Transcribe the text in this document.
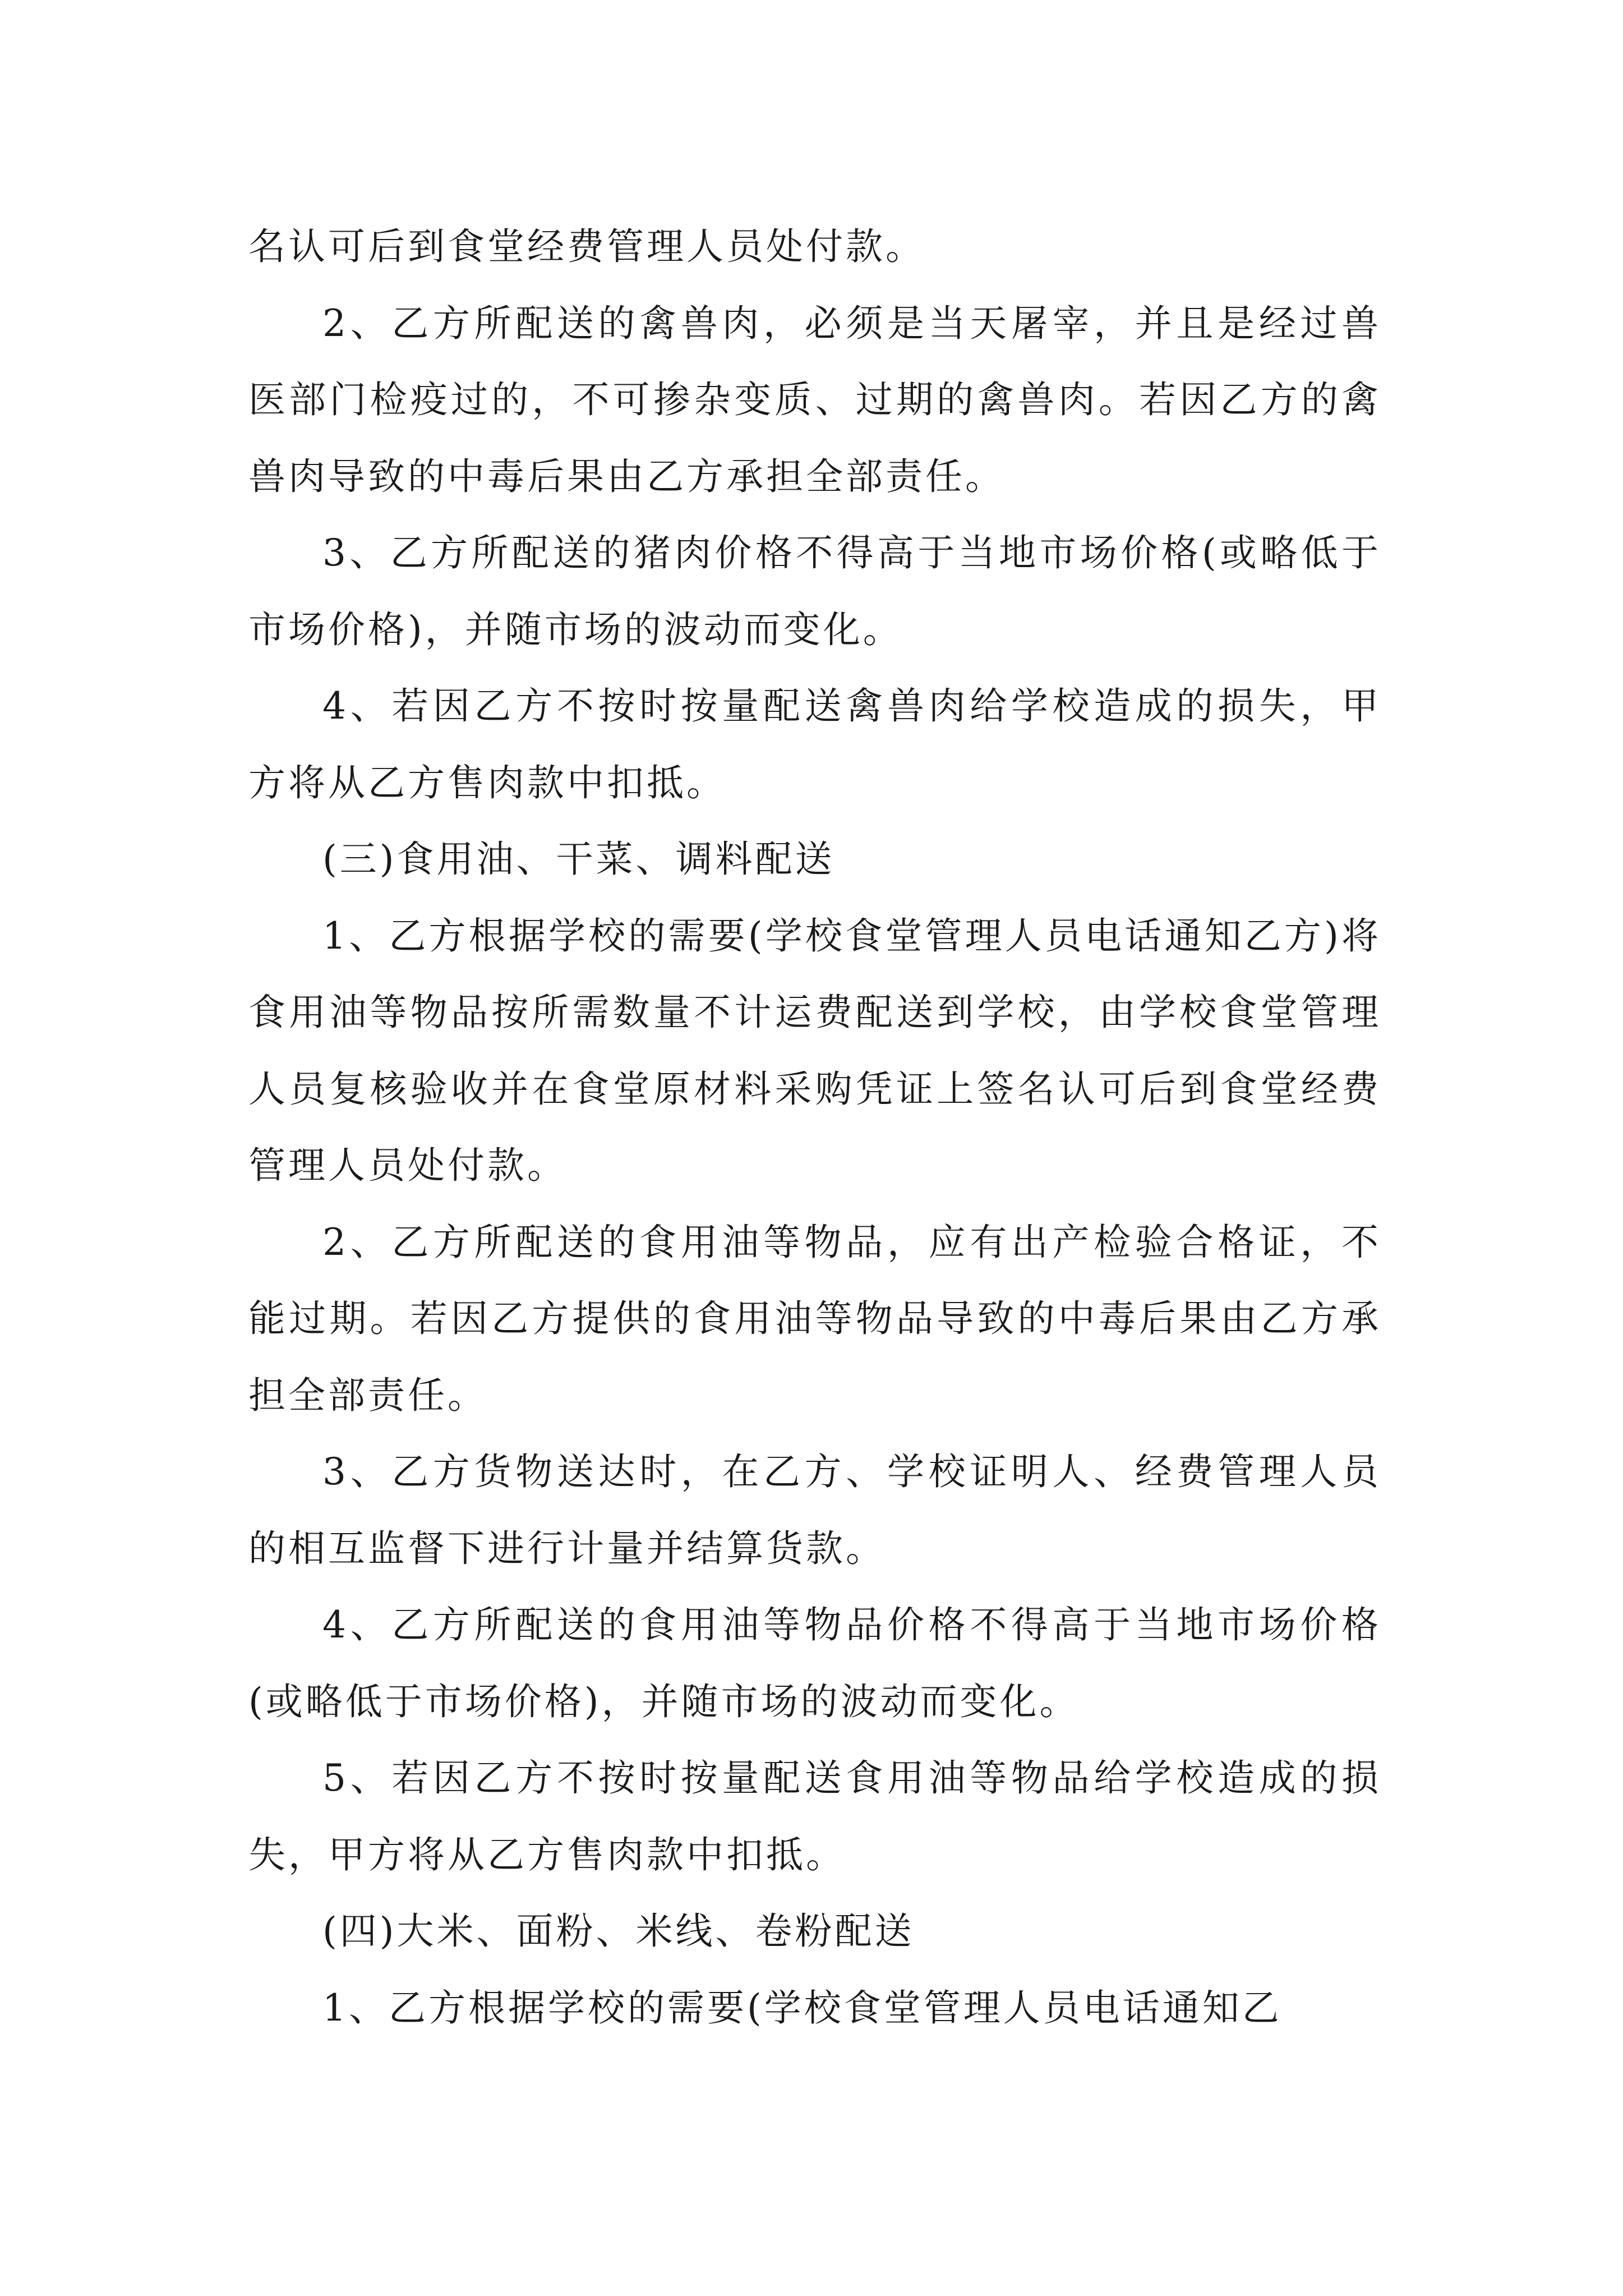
名认可后到食堂经费管理人员处付款。

2、乙方所配送的禽兽肉，必须是当天屠宰，并且是经过兽医部门检疫过的，不可掺杂变质、过期的禽兽肉。若因乙方的禽兽肉导致的中毒后果由乙方承担全部责任。

3、乙方所配送的猪肉价格不得高于当地市场价格(或略低于市场价格)，并随市场的波动而变化。

4、若因乙方不按时按量配送禽兽肉给学校造成的损失，甲方将从乙方售肉款中扣抵。

(三)食用油、干菜、调料配送

1、乙方根据学校的需要(学校食堂管理人员电话通知乙方)将食用油等物品按所需数量不计运费配送到学校，由学校食堂管理人员复核验收并在食堂原材料采购凭证上签名认可后到食堂经费管理人员处付款。

2、乙方所配送的食用油等物品，应有出产检验合格证，不能过期。若因乙方提供的食用油等物品导致的中毒后果由乙方承担全部责任。

3、乙方货物送达时，在乙方、学校证明人、经费管理人员的相互监督下进行计量并结算货款。

4、乙方所配送的食用油等物品价格不得高于当地市场价格(或略低于市场价格)，并随市场的波动而变化。

5、若因乙方不按时按量配送食用油等物品给学校造成的损失，甲方将从乙方售肉款中扣抵。

(四)大米、面粉、米线、卷粉配送

1、乙方根据学校的需要(学校食堂管理人员电话通知乙
